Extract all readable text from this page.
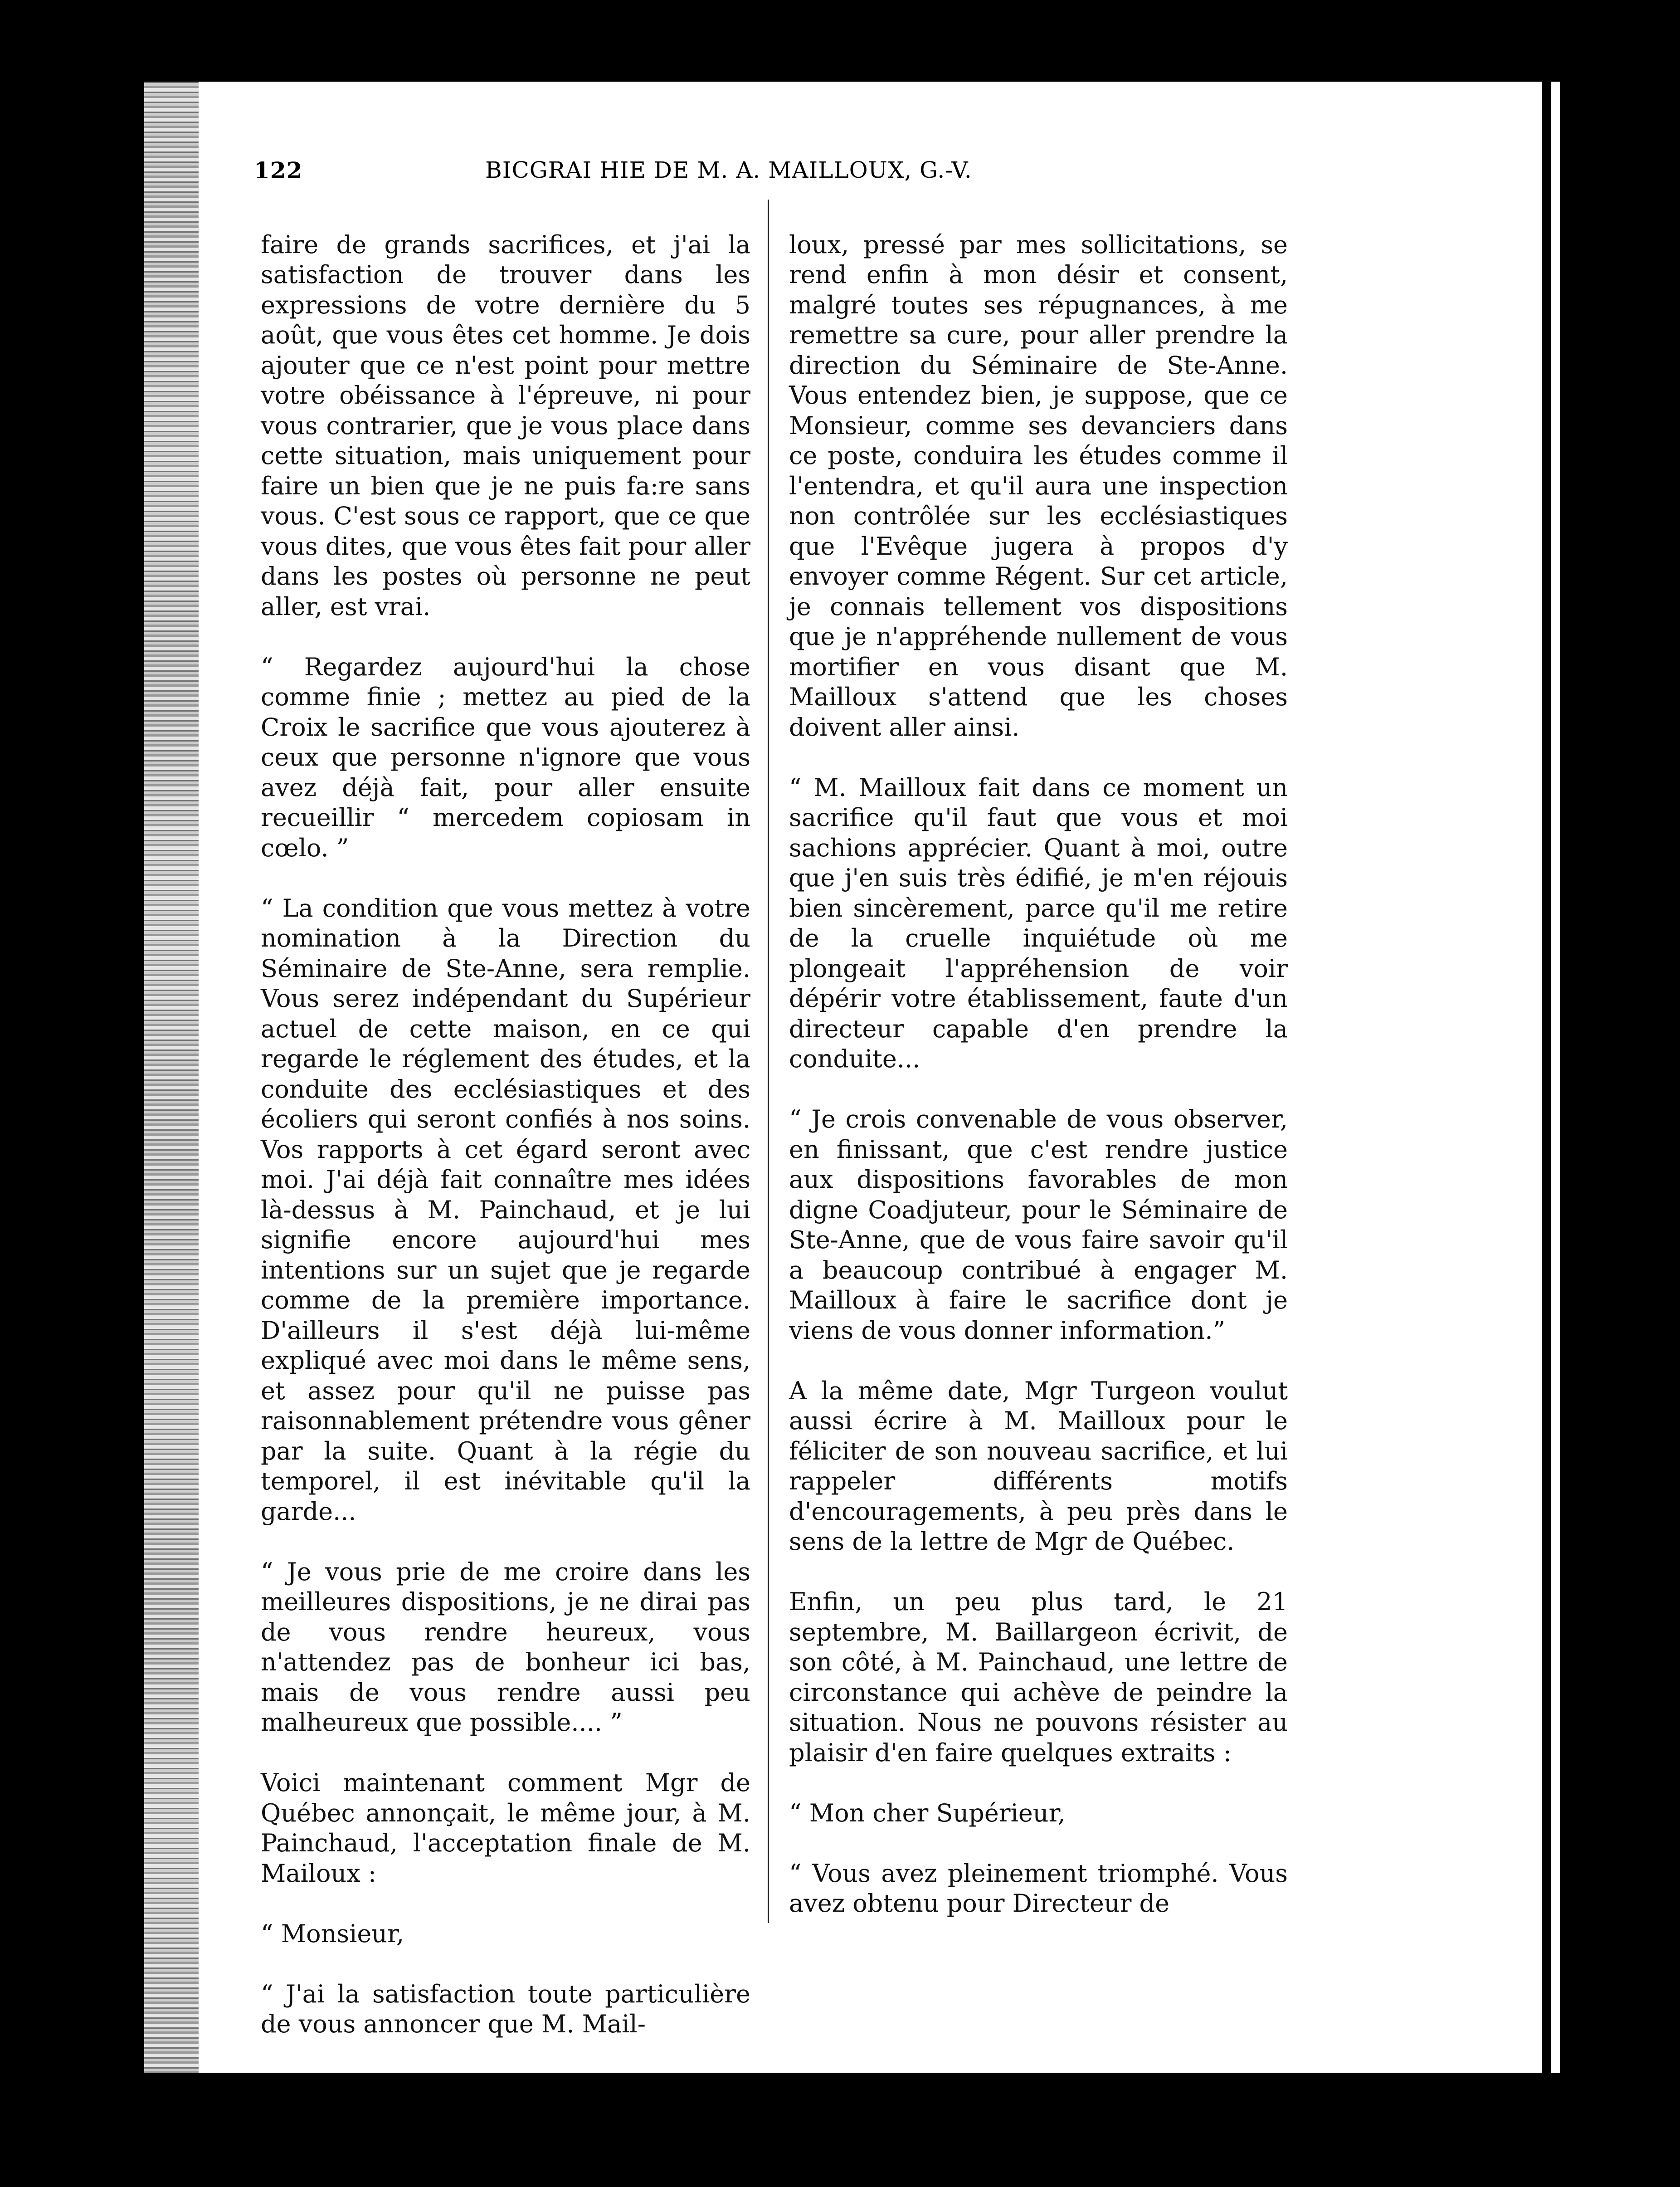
122	BICGRAI HIE DE M. A. MAILLOUX, G.-V.

faire de grands sacrifices, et j'ai la satisfaction de trouver dans les expressions de votre dernière du 5 août, que vous êtes cet homme. Je dois ajouter que ce n'est point pour mettre votre obéissance à l'épreuve, ni pour vous contrarier, que je vous place dans cette situation, mais uniquement pour faire un bien que je ne puis fa:re sans vous. C'est sous ce rapport, que ce que vous dites, que vous êtes fait pour aller dans les postes où personne ne peut aller, est vrai.

“ Regardez aujourd'hui la chose comme finie ; mettez au pied de la Croix le sacrifice que vous ajouterez à ceux que personne n'ignore que vous avez déjà fait, pour aller ensuite recueillir “ mercedem copiosam in cœlo. ”

“ La condition que vous mettez à votre nomination à la Direction du Séminaire de Ste-Anne, sera remplie. Vous serez indépendant du Supérieur actuel de cette maison, en ce qui regarde le réglement des études, et la conduite des ecclésiastiques et des écoliers qui seront confiés à nos soins. Vos rapports à cet égard seront avec moi. J'ai déjà fait connaître mes idées là-dessus à M. Painchaud, et je lui signifie encore aujourd'hui mes intentions sur un sujet que je regarde comme de la première importance. D'ailleurs il s'est déjà lui-même expliqué avec moi dans le même sens, et assez pour qu'il ne puisse pas raisonnablement prétendre vous gêner par la suite. Quant à la régie du temporel, il est inévitable qu'il la garde...

“ Je vous prie de me croire dans les meilleures dispositions, je ne dirai pas de vous rendre heureux, vous n'attendez pas de bonheur ici bas, mais de vous rendre aussi peu malheureux que possible.... ”

Voici maintenant comment Mgr de Québec annonçait, le même jour, à M. Painchaud, l'acceptation finale de M. Mailoux :

“ Monsieur,

“ J'ai la satisfaction toute particulière de vous annoncer que M. Mail-

loux, pressé par mes sollicitations, se rend enfin à mon désir et consent, malgré toutes ses répugnances, à me remettre sa cure, pour aller prendre la direction du Séminaire de Ste-Anne. Vous entendez bien, je suppose, que ce Monsieur, comme ses devanciers dans ce poste, conduira les études comme il l'entendra, et qu'il aura une inspection non contrôlée sur les ecclésiastiques que l'Evêque jugera à propos d'y envoyer comme Régent. Sur cet article, je connais tellement vos dispositions que je n'appréhende nullement de vous mortifier en vous disant que M. Mailloux s'attend que les choses doivent aller ainsi.

“ M. Mailloux fait dans ce moment un sacrifice qu'il faut que vous et moi sachions apprécier. Quant à moi, outre que j'en suis très édifié, je m'en réjouis bien sincèrement, parce qu'il me retire de la cruelle inquiétude où me plongeait l'appréhension de voir dépérir votre établissement, faute d'un directeur capable d'en prendre la conduite...

“ Je crois convenable de vous observer, en finissant, que c'est rendre justice aux dispositions favorables de mon digne Coadjuteur, pour le Séminaire de Ste-Anne, que de vous faire savoir qu'il a beaucoup contribué à engager M. Mailloux à faire le sacrifice dont je viens de vous donner information.”

A la même date, Mgr Turgeon voulut aussi écrire à M. Mailloux pour le féliciter de son nouveau sacrifice, et lui rappeler différents motifs d'encouragements, à peu près dans le sens de la lettre de Mgr de Québec.

Enfin, un peu plus tard, le 21 septembre, M. Baillargeon écrivit, de son côté, à M. Painchaud, une lettre de circonstance qui achève de peindre la situation. Nous ne pouvons résister au plaisir d'en faire quelques extraits :

“ Mon cher Supérieur,

“ Vous avez pleinement triomphé. Vous avez obtenu pour Directeur de
